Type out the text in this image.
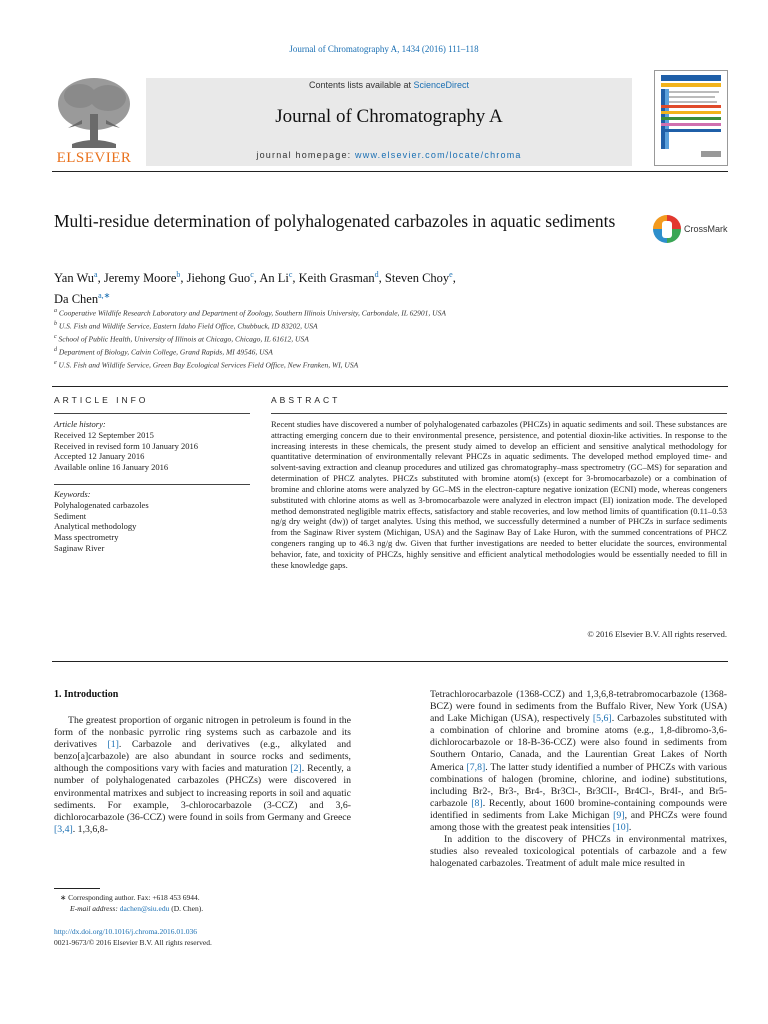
Journal of Chromatography A, 1434 (2016) 111–118
ELSEVIER
Contents lists available at ScienceDirect
Journal of Chromatography A
journal homepage: www.elsevier.com/locate/chroma
Multi-residue determination of polyhalogenated carbazoles in aquatic sediments	CrossMark
Yan Wu$^a$, Jeremy Moore$^b$, Jiehong Guo$^c$, An Li$^c$, Keith Grasman$^d$, Steven Choy$^e$,
Da Chen$^{a,∗}$
$^a$ Cooperative Wildlife Research Laboratory and Department of Zoology, Southern Illinois University, Carbondale, IL 62901, USA
$^b$ U.S. Fish and Wildlife Service, Eastern Idaho Field Office, Chubbuck, ID 83202, USA
$^c$ School of Public Health, University of Illinois at Chicago, Chicago, IL 61612, USA
$^d$ Department of Biology, Calvin College, Grand Rapids, MI 49546, USA
$^e$ U.S. Fish and Wildlife Service, Green Bay Ecological Services Field Office, New Franken, WI, USA
ARTICLE INFO	ABSTRACT
Article history:
Received 12 September 2015
Received in revised form 10 January 2016
Accepted 12 January 2016
Available online 16 January 2016
Keywords:
Polyhalogenated carbazoles
Sediment
Analytical methodology
Mass spectrometry
Saginaw River

Recent studies have discovered a number of polyhalogenated carbazoles (PHCZs) in aquatic sediments and soil. These substances are attracting emerging concern due to their environmental presence, persistence, and potential dioxin-like activities. In response to the increasing interests in these chemicals, the present study aimed to develop an efficient and sensitive analytical methodology for quantitative determination of environmentally relevant PHCZs in aquatic sediments. The developed method employed time- and solvent-saving extraction and cleanup procedures and utilized gas chromatography–mass spectrometry (GC–MS) for separation and determination of PHCZ analytes. PHCZs substituted with bromine atom(s) (except for 3-bromocarbazole) or a combination of bromine and chlorine atoms were analyzed by GC–MS in the electron-capture negative ionization (ECNI) mode, whereas congeners substituted with chlorine atoms as well as 3-bromocarbazole were analyzed in electron impact (EI) ionization mode. The developed method demonstrated negligible matrix effects, satisfactory and stable recoveries, and low method limits of quantification (0.11–0.53 ng/g dry weight (dw)) of target analytes. Using this method, we successfully determined a number of PHCZs in surface sediments from the Saginaw River system (Michigan, USA) and the Saginaw Bay of Lake Huron, with the summed concentrations of PHCZ congeners ranging up to 46.3 ng/g dw. Given that further investigations are needed to better elucidate the sources, environmental behavior, fate, and toxicity of PHCZs, highly sensitive and efficient analytical methodologies would be essentially needed to fill in these knowledge gaps.

© 2016 Elsevier B.V. All rights reserved.
1. Introduction

The greatest proportion of organic nitrogen in petroleum is found in the form of the nonbasic pyrrolic ring systems such as carbazole and its derivatives [1]. Carbazole and derivatives (e.g., alkylated and benzo[a]carbazole) are also abundant in source rocks and sediments, although the compositions vary with facies and maturation [2]. Recently, a number of polyhalogenated carbazoles (PHCZs) were discovered in environmental matrixes and subject to increasing reports in soil and aquatic sediments. For example, 3-chlorocarbazole (3-CCZ) and 3,6-dichlorocarbazole (36-CCZ) were found in soils from Germany and Greece [3,4]. 1,3,6,8-

Tetrachlorocarbazole (1368-CCZ) and 1,3,6,8-tetrabromocarbazole (1368-BCZ) were found in sediments from the Buffalo River, New York (USA) and Lake Michigan (USA), respectively [5,6]. Carbazoles substituted with a combination of chlorine and bromine atoms (e.g., 1,8-dibromo-3,6-dichlorocarbazole or 18-B-36-CCZ) were also found in sediments from Southern Ontario, Canada, and the Laurentian Great Lakes of North America [7,8]. The latter study identified a number of PHCZs with various combinations of halogen (bromine, chlorine, and iodine) substitutions, including Br2-, Br3-, Br4-, Br3Cl-, Br3ClI-, Br4Cl-, Br4I-, and Br5-carbazole [8]. Recently, about 1600 bromine-containing compounds were identified in sediments from Lake Michigan [9], and PHCZs were found among those with the greatest peak intensities [10].

In addition to the discovery of PHCZs in environmental matrixes, studies also revealed toxicological potentials of carbazole and a few halogenated carbazoles. Treatment of adult male mice resulted in

∗ Corresponding author. Fax: +618 453 6944.
E-mail address: dachen@siu.edu (D. Chen).
http://dx.doi.org/10.1016/j.chroma.2016.01.036
0021-9673/© 2016 Elsevier B.V. All rights reserved.
